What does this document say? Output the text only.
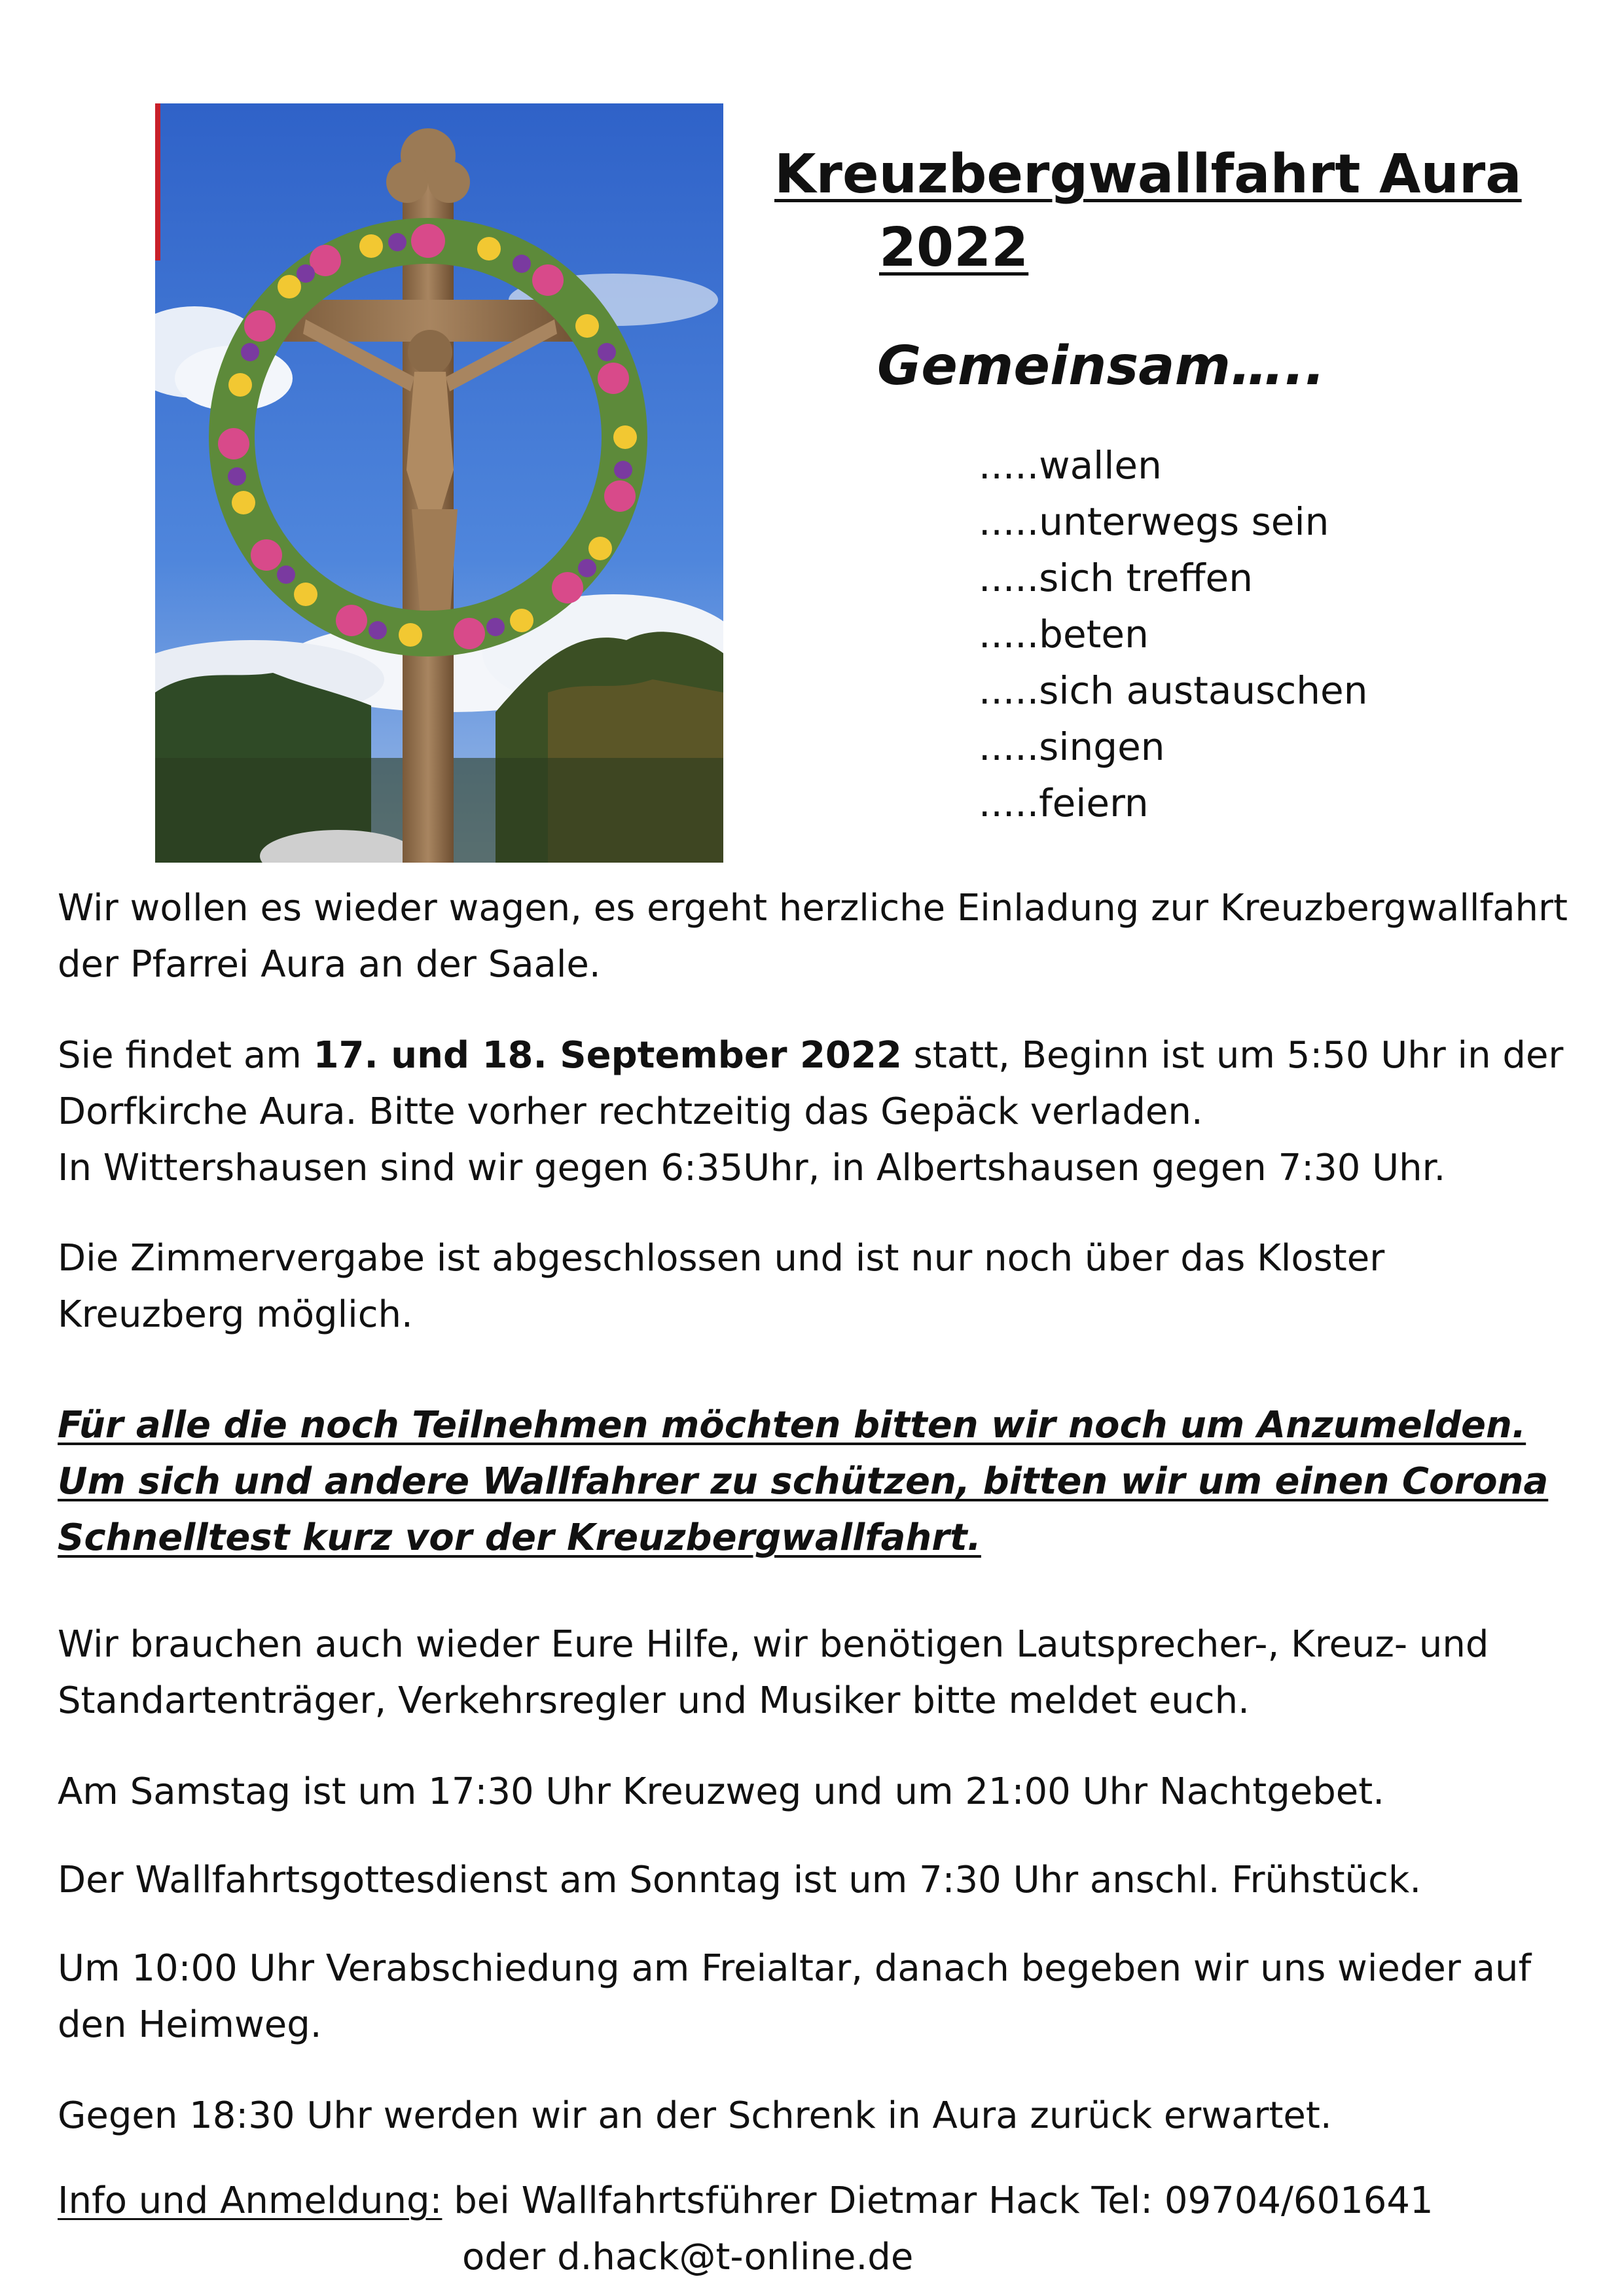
Kreuzbergwallfahrt Aura
2022
Gemeinsam…..
.....wallen
.....unterwegs sein
.....sich treffen
.....beten
.....sich austauschen
.....singen
.....feiern
Wir wollen es wieder wagen, es ergeht herzliche Einladung zur Kreuzbergwallfahrt der Pfarrei Aura an der Saale.
Sie findet am 17. und 18. September 2022 statt, Beginn ist um 5:50 Uhr in der Dorfkirche Aura. Bitte vorher rechtzeitig das Gepäck verladen.
In Wittershausen sind wir gegen 6:35Uhr, in Albertshausen gegen 7:30 Uhr.
Die Zimmervergabe ist abgeschlossen und ist nur noch über das Kloster Kreuzberg möglich.
Für alle die noch Teilnehmen möchten bitten wir noch um Anzumelden.
Um sich und andere Wallfahrer zu schützen, bitten wir um einen Corona
Schnelltest kurz vor der Kreuzbergwallfahrt.
Wir brauchen auch wieder Eure Hilfe, wir benötigen Lautsprecher-, Kreuz- und Standartenträger, Verkehrsregler und Musiker bitte meldet euch.
Am Samstag ist um 17:30 Uhr Kreuzweg und um 21:00 Uhr Nachtgebet.
Der Wallfahrtsgottesdienst am Sonntag ist um 7:30 Uhr anschl. Frühstück.
Um 10:00 Uhr Verabschiedung am Freialtar, danach begeben wir uns wieder auf den Heimweg.
Gegen 18:30 Uhr werden wir an der Schrenk in Aura zurück erwartet.
Info und Anmeldung: bei Wallfahrtsführer Dietmar Hack Tel: 09704/601641
oder d.hack@t-online.de
